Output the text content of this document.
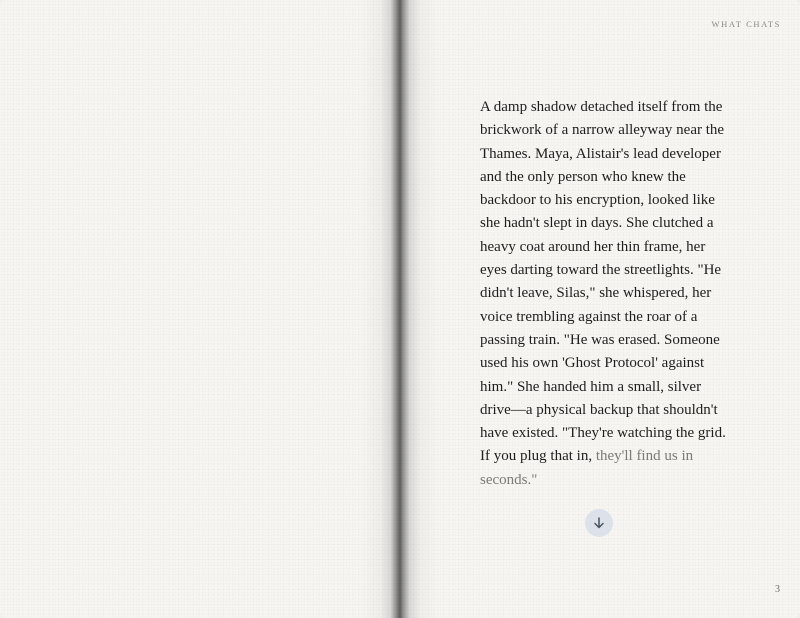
WHAT CHATS

A damp shadow detached itself from the brickwork of a narrow alleyway near the Thames. Maya, Alistair's lead developer and the only person who knew the backdoor to his encryption, looked like she hadn't slept in days. She clutched a heavy coat around her thin frame, her eyes darting toward the streetlights. "He didn't leave, Silas," she whispered, her voice trembling against the roar of a passing train. "He was erased. Someone used his own 'Ghost Protocol' against him." She handed him a small, silver drive—a physical backup that shouldn't have existed. "They're watching the grid. If you plug that in, they'll find us in seconds."

3
